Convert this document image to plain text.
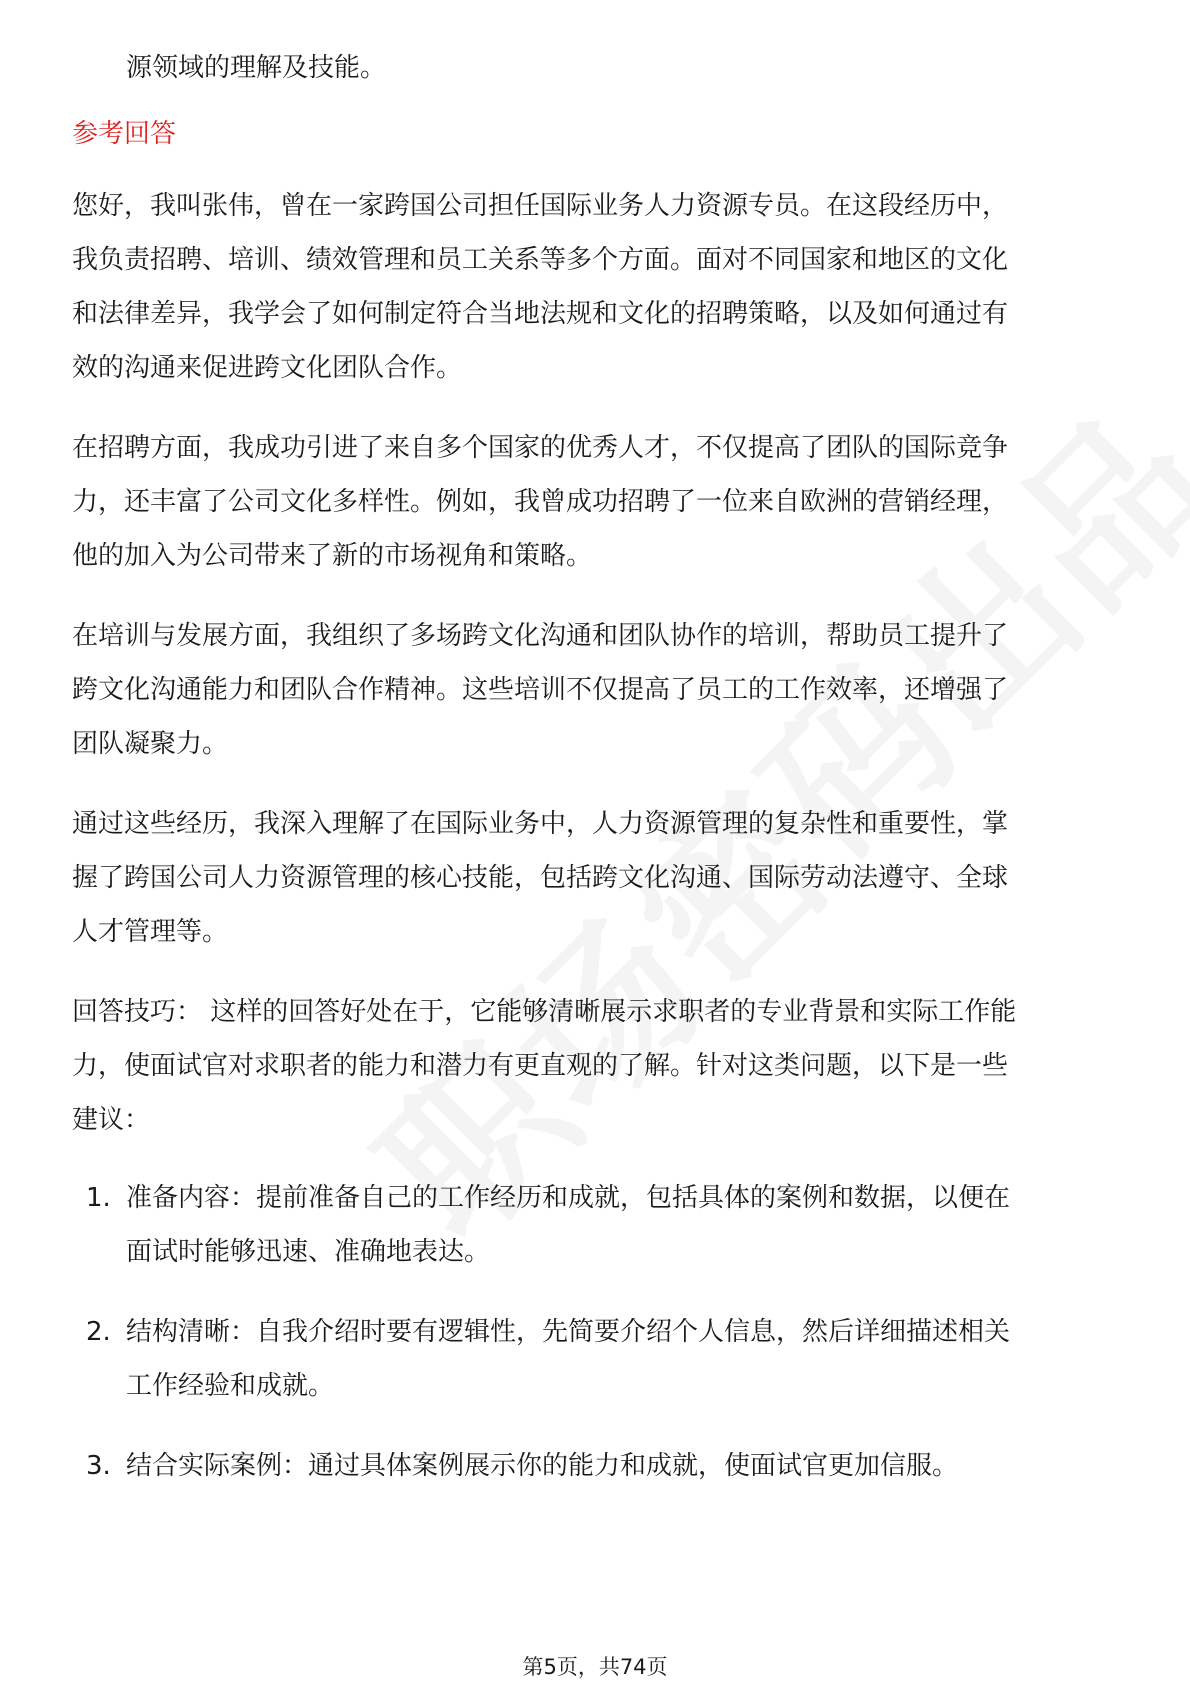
源领域的理解及技能。

参考回答

您好，我叫张伟，曾在一家跨国公司担任国际业务人力资源专员。在这段经历中，

我负责招聘、培训、绩效管理和员工关系等多个方面。面对不同国家和地区的文化

和法律差异，我学会了如何制定符合当地法规和文化的招聘策略，以及如何通过有

效的沟通来促进跨文化团队合作。

在招聘方面，我成功引进了来自多个国家的优秀人才，不仅提高了团队的国际竞争

力，还丰富了公司文化多样性。例如，我曾成功招聘了一位来自欧洲的营销经理，

他的加入为公司带来了新的市场视角和策略。

在培训与发展方面，我组织了多场跨文化沟通和团队协作的培训，帮助员工提升了

跨文化沟通能力和团队合作精神。这些培训不仅提高了员工的工作效率，还增强了

团队凝聚力。

通过这些经历，我深入理解了在国际业务中，人力资源管理的复杂性和重要性，掌

握了跨国公司人力资源管理的核心技能，包括跨文化沟通、国际劳动法遵守、全球

人才管理等。

回答技巧： 这样的回答好处在于，它能够清晰展示求职者的专业背景和实际工作能

力，使面试官对求职者的能力和潜力有更直观的了解。针对这类问题，以下是一些

建议：

1. 准备内容：提前准备自己的工作经历和成就，包括具体的案例和数据，以便在

面试时能够迅速、准确地表达。

2. 结构清晰：自我介绍时要有逻辑性，先简要介绍个人信息，然后详细描述相关

工作经验和成就。

3. 结合实际案例：通过具体案例展示你的能力和成就，使面试官更加信服。

第5页，共74页
